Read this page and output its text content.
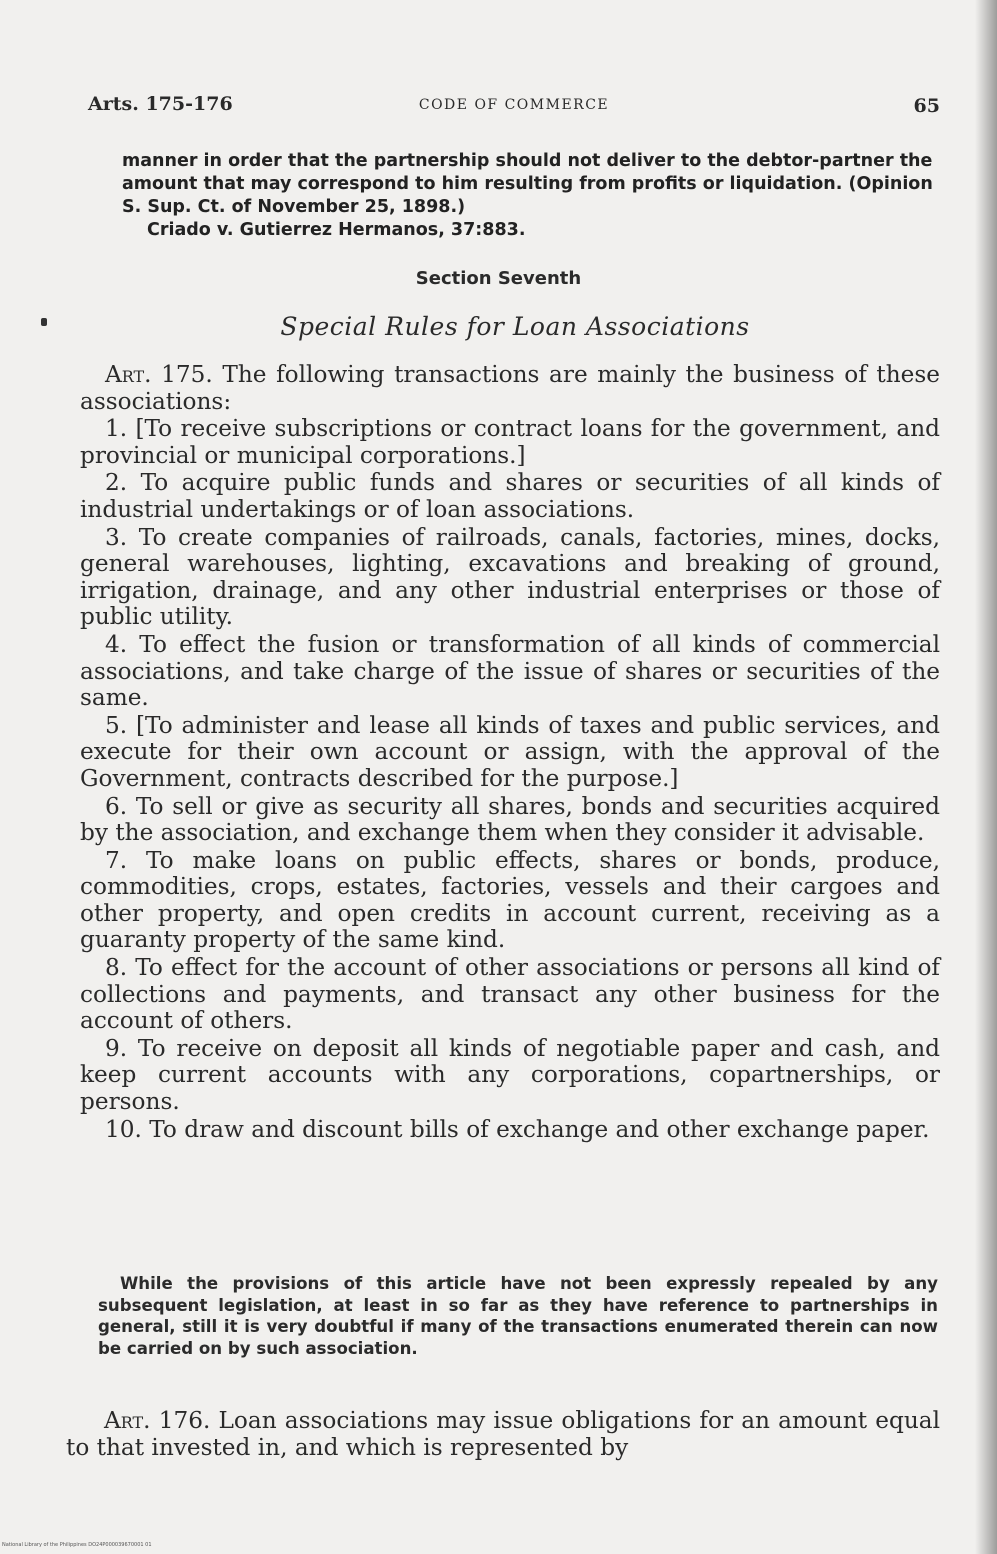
Arts. 175-176	CODE OF COMMERCE	65
manner in order that the partnership should not deliver to the debtor-partner the amount that may correspond to him resulting from profits or liquidation. (Opinion S. Sup. Ct. of November 25, 1898.)
Criado v. Gutierrez Hermanos, 37:883.
Section Seventh
Special Rules for Loan Associations

Art. 175. The following transactions are mainly the business of these associations:

1. [To receive subscriptions or contract loans for the government, and provincial or municipal corporations.]

2. To acquire public funds and shares or securities of all kinds of industrial undertakings or of loan associations.

3. To create companies of railroads, canals, factories, mines, docks, general warehouses, lighting, excavations and breaking of ground, irrigation, drainage, and any other industrial enterprises or those of public utility.

4. To effect the fusion or transformation of all kinds of commercial associations, and take charge of the issue of shares or securities of the same.

5. [To administer and lease all kinds of taxes and public services, and execute for their own account or assign, with the approval of the Government, contracts described for the purpose.]

6. To sell or give as security all shares, bonds and securities acquired by the association, and exchange them when they consider it advisable.

7. To make loans on public effects, shares or bonds, produce, commodities, crops, estates, factories, vessels and their cargoes and other property, and open credits in account current, receiving as a guaranty property of the same kind.

8. To effect for the account of other associations or persons all kind of collections and payments, and transact any other business for the account of others.

9. To receive on deposit all kinds of negotiable paper and cash, and keep current accounts with any corporations, copartnerships, or persons.

10. To draw and discount bills of exchange and other exchange paper.

While the provisions of this article have not been expressly repealed by any subsequent legislation, at least in so far as they have reference to partnerships in general, still it is very doubtful if many of the transactions enumerated therein can now be carried on by such association.

Art. 176. Loan associations may issue obligations for an amount equal to that invested in, and which is represented by

National Library of the Philippines DO24P000039670001 01
